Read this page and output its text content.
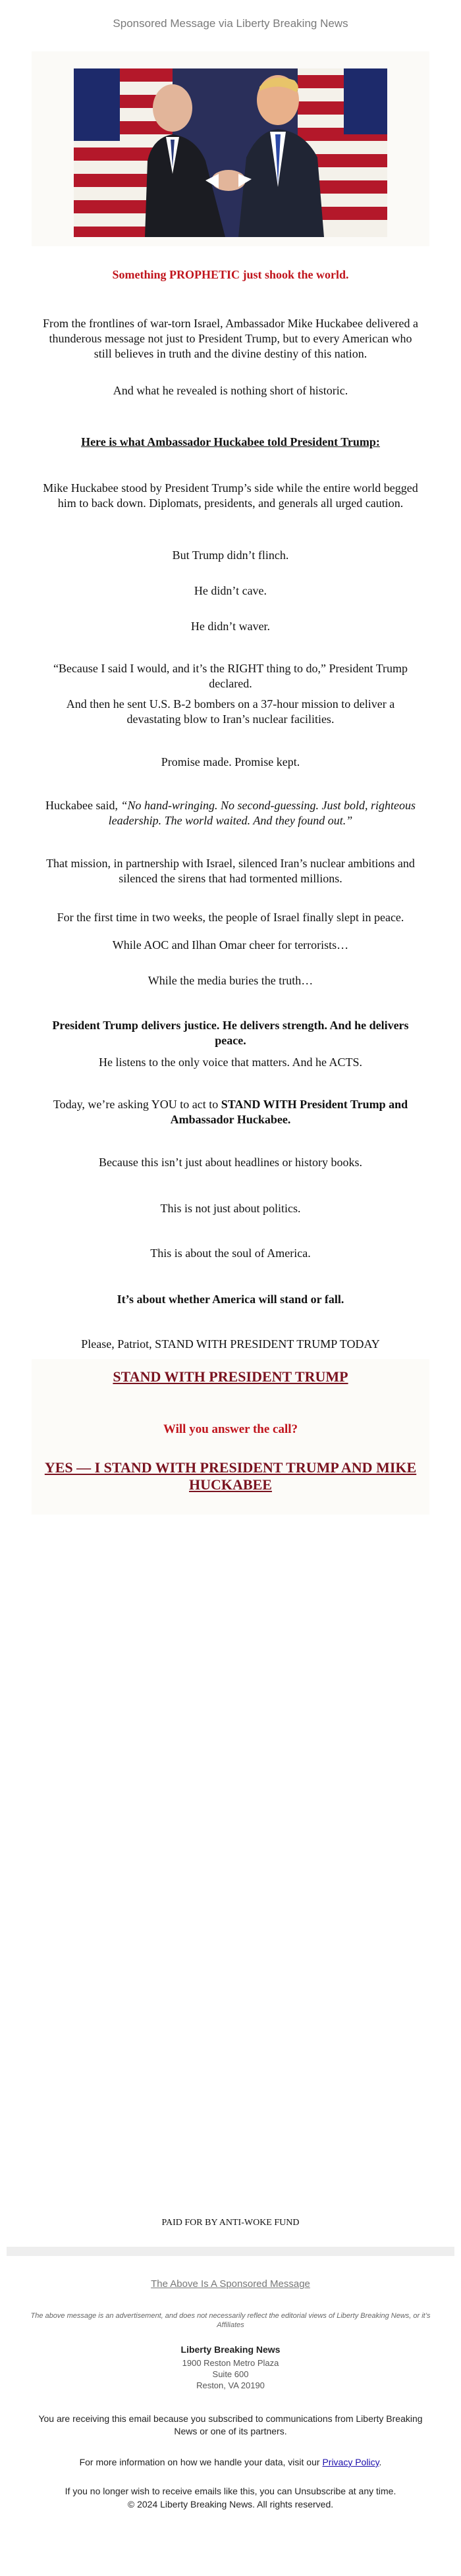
Sponsored Message via Liberty Breaking News
Something PROPHETIC just shook the world.
From the frontlines of war-torn Israel, Ambassador Mike Huckabee delivered a thunderous message not just to President Trump, but to every American who still believes in truth and the divine destiny of this nation.
And what he revealed is nothing short of historic.
Here is what Ambassador Huckabee told President Trump:
Mike Huckabee stood by President Trump’s side while the entire world begged him to back down. Diplomats, presidents, and generals all urged caution.
But Trump didn’t flinch.
He didn’t cave.
He didn’t waver.
“Because I said I would, and it’s the RIGHT thing to do,” President Trump declared.
And then he sent U.S. B-2 bombers on a 37-hour mission to deliver a devastating blow to Iran’s nuclear facilities.
Promise made. Promise kept.
Huckabee said, “No hand-wringing. No second-guessing. Just bold, righteous leadership. The world waited. And they found out.”
That mission, in partnership with Israel, silenced Iran’s nuclear ambitions and silenced the sirens that had tormented millions.
For the first time in two weeks, the people of Israel finally slept in peace.
While AOC and Ilhan Omar cheer for terrorists…
While the media buries the truth…
President Trump delivers justice. He delivers strength. And he delivers peace.
He listens to the only voice that matters. And he ACTS.
Today, we’re asking YOU to act to STAND WITH President Trump and Ambassador Huckabee.
Because this isn’t just about headlines or history books.
This is not just about politics.
This is about the soul of America.
It’s about whether America will stand or fall.
Please, Patriot, STAND WITH PRESIDENT TRUMP TODAY
STAND WITH PRESIDENT TRUMP
Will you answer the call?
YES — I STAND WITH PRESIDENT TRUMP AND MIKE HUCKABEE
PAID FOR BY ANTI-WOKE FUND
The Above Is A Sponsored Message
The above message is an advertisement, and does not necessarily reflect the editorial views of Liberty Breaking News, or it’s Affiliates
Liberty Breaking News
1900 Reston Metro Plaza
Suite 600
Reston, VA 20190
You are receiving this email because you subscribed to communications from Liberty Breaking News or one of its partners.
For more information on how we handle your data, visit our Privacy Policy.
If you no longer wish to receive emails like this, you can Unsubscribe at any time.
© 2024 Liberty Breaking News. All rights reserved.
